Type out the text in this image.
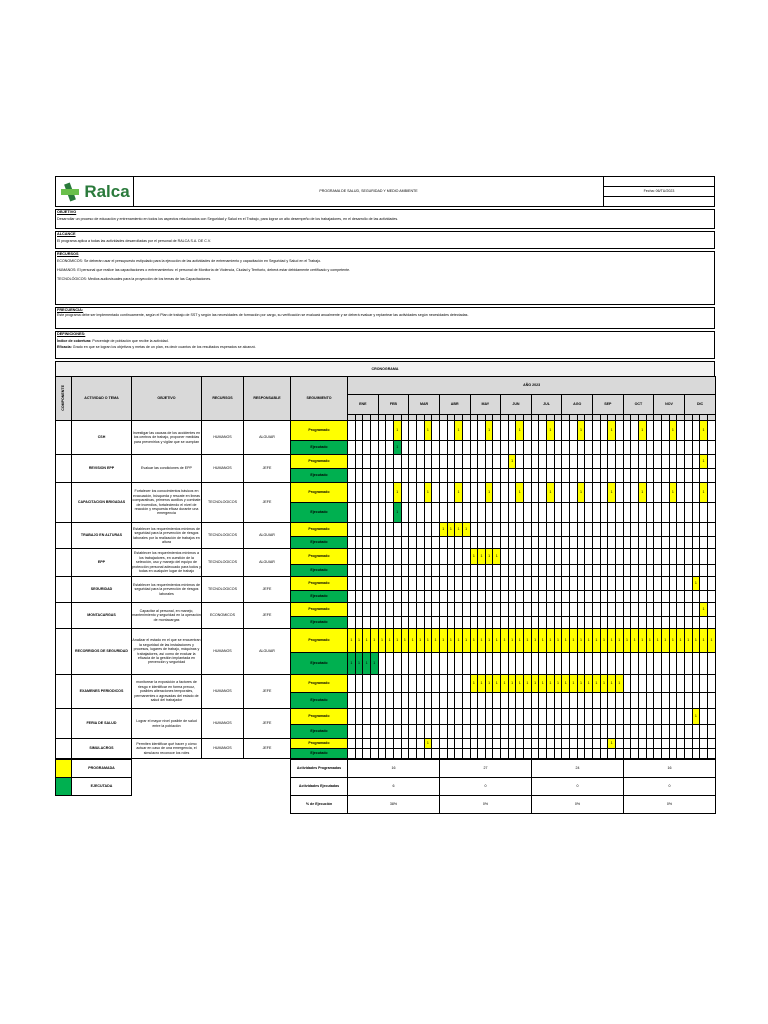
Ralca	PROGRAMA DE SALUD, SEGURIDAD Y MEDIO AMBIENTE	Fecha: 06/TU/2023
OBJETIVO
Desarrollar un proceso de educación y entrenamiento en todos los aspectos relacionados con Seguridad y Salud en el Trabajo, para lograr un alto desempeño de los trabajadores, en el desarrollo de las actividades.
ALCANCE
El programa aplica a todas las actividades desarrolladas por el personal de RALCA S.A. DE C.V.
RECURSOS
ECONOMICOS: Se deberán usar el presupuesto estipulado para la ejecución de las actividades de entrenamiento y capacitación en Seguridad y Salud en el Trabajo.
HUMANOS: El personal que realice las capacitaciones o entrenamientos: el personal de Monitoría de Violencia, Ciudad y Territorio, deberá estar debidamente certificado y competente.
TECNOLÓGICOS: Medios audiovisuales para la proyección de los temas de las Capacitaciones.
FRECUENCIA:
Este programa debe ser implementado continuamente, según el Plan de trabajo de SST y según las necesidades de formación por cargo, su verificación se evaluará anualmente y se deberá evaluar y replantear las actividades según necesidades detectadas.
DEFINICIONES:
Índice de cobertura: Porcentaje de población que recibe la actividad.
Eficacia: Grado en que se logran los objetivos y metas de un plan, es decir cuantos de los resultados esperados se alcanzó.
CRONOGRAMA
COMPONENTE	ACTIVIDAD O TEMA	OBJETIVO	RECURSOS	RESPONSABLE	SEGUIMIENTO	AÑO 2023																																															
						ENE				FEB				MAR				ABR				MAY				JUN				JUL				AGO				SEP				OCT				NOV				DIC			

	CSH	Investigar las causas de los accidentes en los centros de trabajo, proponer medidas para prevenirlos y vigilar que se cumplan	HUMANOS	ALGUIAR	Programado							1				1				1				1				1				1				1				1				1				1				1	
					Ejecutado							1																																									
	REVISION EPP	Evaluar las condiciones de EPP	HUMANOS	JEFE	Programado																						1																									1	
					Ejecutado																																																
	CAPACITACION BRIGADAS	Fortalecer los conocimientos básicos en evacuación, búsqueda y rescate en lineas comparativas, primeros auxilios y combate de incendios, fortaleciendo el nivel de reacción y respuesta eficaz durante una emergencia	TECNOLOGICOS	JEFE	Programado							1				1				1				1				1				1				1				1				1				1				1	
					Ejecutado							1																																									
	TRABAJO EN ALTURAS	Establecer los requerimientos mínimos de seguridad para la prevención de riesgos laborales por la realización de trabajos en altura	TECNOLOGICOS	ALGUIAR	Programado													1	1	1	1																																
					Ejecutado																																																
	EPP	Establecer los requerimientos mínimos a los trabajadores, en cuestión de la selección, uso y manejo del equipo de protección personal adecuado para todos y todas en cualquier lugar de trabajo	TECNOLOGICOS	ALGUIAR	Programado																	1	1	1	1																												
					Ejecutado																																																
	SEGURIDAD	Establecer los requerimientos mínimos de seguridad para la prevención de riesgos laborales	TECNOLOGICOS	JEFE	Programado																																														1		
					Ejecutado																																																
	MONTACARGAS	Capacitar al personal, en manejo, mantenimiento y seguridad en la operación de montacargas	ECONOMICOS	JEFE	Programado																																															1	
					Ejecutado																																																
	RECORRIDOS DE SEGURIDAD	Analizar el estado en el que se encuentran la seguridad de las instalaciones y procesos, lugares de trabajo, máquinas y trabajadores, así como de evaluar la eficacia de la gestión implantada en prevención y seguridad	HUMANOS	ALGUIAR	Programado	1	1	1	1	1	1	1	1	1	1	1	1	1	1	1	1	1	1	1	1	1	1	1	1	1	1	1	1	1	1	1	1	1	1	1	1	1	1	1	1	1	1	1	1	1	1	1	1
					Ejecutado	1	1	1	1																																												
	EXAMENES PERIODICOS	monitorear la exposición a factores de riesgo e identificar en forma precoz, posibles alteraciones temporales, permanentes o agravadas del estado de salud del trabajador	HUMANOS	JEFE	Programado																	1	1	1	1	1	1	1	1	1	1	1	1	1	1	1	1	1	1	1	1												
					Ejecutado																																																
	FERIA DE SALUD	Lograr el mayor nivel posible de salud entre la población	HUMANOS	JEFE	Programado																																														1		
					Ejecutado																																																
	SIMULACROS	Permiten identificar qué hacer y cómo actuar en caso de una emergencia, el simulacro reconoce los roles	HUMANOS	JEFE	Programado											1																								1													
					Ejecutado																																																
	PROGRAMADA				Actividades Programadas	16	27	24	16
	EJECUTADA				Actividades Ejecutadas	6	0	0	0
					% de Ejecución	38%	0%	0%	0%
